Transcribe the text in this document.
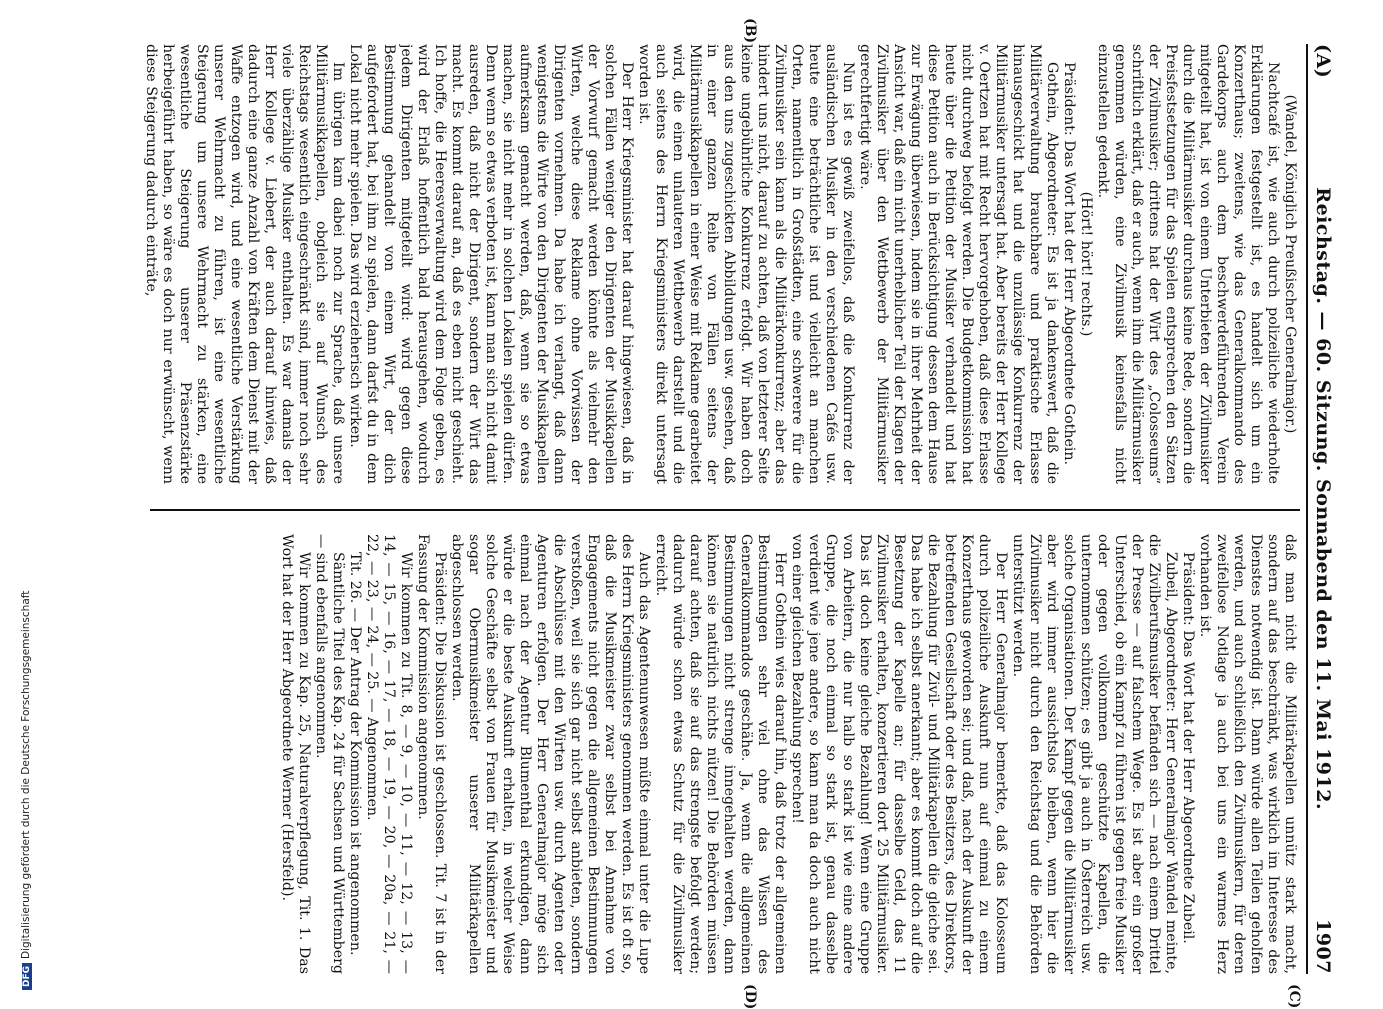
(A)
Reichstag. — 60. Sitzung. Sonnabend den 11. Mai 1912.
1907
(B)
(C)
(D)

(Wandel, Königlich Preußischer Generalmajor.)

Nachtcafé ist, wie auch durch polizeiliche wiederholte Erklärungen festgestellt ist, es handelt sich um ein Konzerthaus; zweitens, wie das Generalkommando des Gardekorps auch dem beschwerdeführenden Verein mitgeteilt hat, ist von einem Unterbieten der Zivilmusiker durch die Militärmusiker durchaus keine Rede, sondern die Preisfestsetzungen für das Spielen entsprechen den Sätzen der Zivilmusiker; drittens hat der Wirt des „Colosseums“ schriftlich erklärt, daß er auch, wenn ihm die Militärmusiker genommen würden, eine Zivilmusik keinesfalls nicht einzustellen gedenkt.

(Hört! hört! rechts.)

Präsident: Das Wort hat der Herr Abgeordnete Gothein.

Gothein, Abgeordneter: Es ist ja dankenswert, daß die Militärverwaltung brauchbare und praktische Erlasse hinausgeschickt hat und die unzulässige Konkurrenz der Militärmusiker untersagt hat. Aber bereits der Herr Kollege v. Oertzen hat mit Recht hervorgehoben, daß diese Erlasse nicht durchweg befolgt werden. Die Budgetkommission hat heute über die Petition der Musiker verhandelt und hat diese Petition auch in Berücksichtigung dessen dem Hause zur Erwägung überwiesen, indem sie in ihrer Mehrheit der Ansicht war, daß ein nicht unerheblicher Teil der Klagen der Zivilmusiker über den Wettbewerb der Militärmusiker gerechtfertigt wäre.

Nun ist es gewiß zweifellos, daß die Konkurrenz der ausländischen Musiker in den verschiedenen Cafés usw. heute eine beträchtliche ist und vielleicht an manchen Orten, namentlich in Großstädten, eine schwerere für die Zivilmusiker sein kann als die Militärkonkurrenz; aber das hindert uns nicht, darauf zu achten, daß von letzterer Seite keine ungebührliche Konkurrenz erfolgt. Wir haben doch aus den uns zugeschickten Abbildungen usw. gesehen, daß in einer ganzen Reihe von Fällen seitens der Militärmusikkapellen in einer Weise mit Reklame gearbeitet wird, die einen unlauteren Wettbewerb darstellt und die auch seitens des Herrn Kriegsministers direkt untersagt worden ist.

Der Herr Kriegsminister hat darauf hingewiesen, daß in solchen Fällen weniger den Dirigenten der Musikkapellen der Vorwurf gemacht werden könnte als vielmehr den Wirten, welche diese Reklame ohne Vorwissen der Dirigenten vornehmen. Da habe ich verlangt, daß dann wenigstens die Wirte von den Dirigenten der Musikkapellen aufmerksam gemacht werden, daß, wenn sie so etwas machen, sie nicht mehr in solchen Lokalen spielen dürfen. Denn wenn so etwas verboten ist, kann man sich nicht damit ausreden, daß nicht der Dirigent, sondern der Wirt das macht. Es kommt darauf an, daß es eben nicht geschieht. Ich hoffe, die Heeresverwaltung wird dem Folge geben, es wird der Erlaß hoffentlich bald herausgehen, wodurch jedem Dirigenten mitgeteilt wird: wird gegen diese Bestimmung gehandelt von einem Wirt, der dich aufgefordert hat, bei ihm zu spielen, dann darfst du in dem Lokal nicht mehr spielen. Das wird erzieherisch wirken.

Im übrigen kam dabei noch zur Sprache, daß unsere Militärmusikkapellen, obgleich sie auf Wunsch des Reichstags wesentlich eingeschränkt sind, immer noch sehr viele überzählige Musiker enthalten. Es war damals der Herr Kollege v. Liebert, der auch darauf hinwies, daß dadurch eine ganze Anzahl von Kräften dem Dienst mit der Waffe entzogen wird, und eine wesentliche Verstärkung unserer Wehrmacht zu führen, ist eine wesentliche Steigerung um unsere Wehrmacht zu stärken, eine wesentliche Steigerung unserer Präsenzstärke herbeigeführt haben, so wäre es doch nur erwünscht, wenn diese Steigerung dadurch einträte,

daß man nicht die Militärkapellen unnütz stark macht, sondern auf das beschränkt, was wirklich im Interesse des Dienstes notwendig ist. Dann würde allen Teilen geholfen werden, und auch schließlich den Zivilmusikern, für deren zweifellose Notlage ja auch bei uns ein warmes Herz vorhanden ist.

Präsident: Das Wort hat der Herr Abgeordnete Zubeil.

Zubeil, Abgeordneter: Herr Generalmajor Wandel meinte, die Zivilberufsmusiker befänden sich — nach einem Drittel der Presse — auf falschem Wege. Es ist aber ein großer Unterschied, ob ein Kampf zu führen ist gegen freie Musiker oder gegen vollkommen geschützte Kapellen, die unternommen schützen; es gibt ja auch in Österreich usw. solche Organisationen. Der Kampf gegen die Militärmusiker aber wird immer aussichtslos bleiben, wenn hier die Zivilmusiker nicht durch den Reichstag und die Behörden unterstützt werden.

Der Herr Generalmajor bemerkte, daß das Kolosseum durch polizeiliche Auskunft nun auf einmal zu einem Konzerthaus geworden sei; und daß, nach der Auskunft der betreffenden Gesellschaft oder des Besitzers, des Direktors, die Bezahlung für Zivil- und Militärkapellen die gleiche sei. Das habe ich selbst anerkannt; aber es kommt doch auf die Besetzung der Kapelle an; für dasselbe Geld, das 11 Zivilmusiker erhalten, konzertieren dort 25 Militärmusiker. Das ist doch keine gleiche Bezahlung! Wenn eine Gruppe von Arbeitern, die nur halb so stark ist wie eine andere Gruppe, die noch einmal so stark ist, genau dasselbe verdient wie jene andere, so kann man da doch auch nicht von einer gleichen Bezahlung sprechen!

Herr Gothein wies darauf hin, daß trotz der allgemeinen Bestimmungen sehr viel ohne das Wissen des Generalkommandos geschähe. Ja, wenn die allgemeinen Bestimmungen nicht strenge innegehalten werden, dann können sie natürlich nichts nützen! Die Behörden müssen darauf achten, daß sie auf das strengste befolgt werden; dadurch würde schon etwas Schutz für die Zivilmusiker erreicht.

Auch das Agentenunwesen müßte einmal unter die Lupe des Herrn Kriegsministers genommen werden. Es ist oft so, daß die Musikmeister zwar selbst bei Annahme von Engagements nicht gegen die allgemeinen Bestimmungen verstoßen, weil sie sich gar nicht selbst anbieten, sondern die Abschlüsse mit den Wirten usw. durch Agenten oder Agenturen erfolgen. Der Herr Generalmajor möge sich einmal nach der Agentur Blumenthal erkundigen, dann würde er die beste Auskunft erhalten, in welcher Weise solche Geschäfte selbst von Frauen für Musikmeister und sogar Obermusikmeister unserer Militärkapellen abgeschlossen werden.

Präsident: Die Diskussion ist geschlossen. Tit. 7 ist in der Fassung der Kommission angenommen.

Wir kommen zu Tit. 8, — 9, — 10, — 11, — 12, — 13, — 14, — 15, — 16, — 17, — 18, — 19, — 20, — 20a, — 21, — 22, — 23, — 24, — 25. — Angenommen.

Tit. 26. — Der Antrag der Kommission ist angenommen.

Sämtliche Titel des Kap. 24 für Sachsen und Württemberg — sind ebenfalls angenommen.

Wir kommen zu Kap. 25, Naturalverpflegung, Tit. 1. Das Wort hat der Herr Abgeordnete Werner (Hersfeld).

DFGDigitalisierung gefördert durch die Deutsche Forschungsgemeinschaft
